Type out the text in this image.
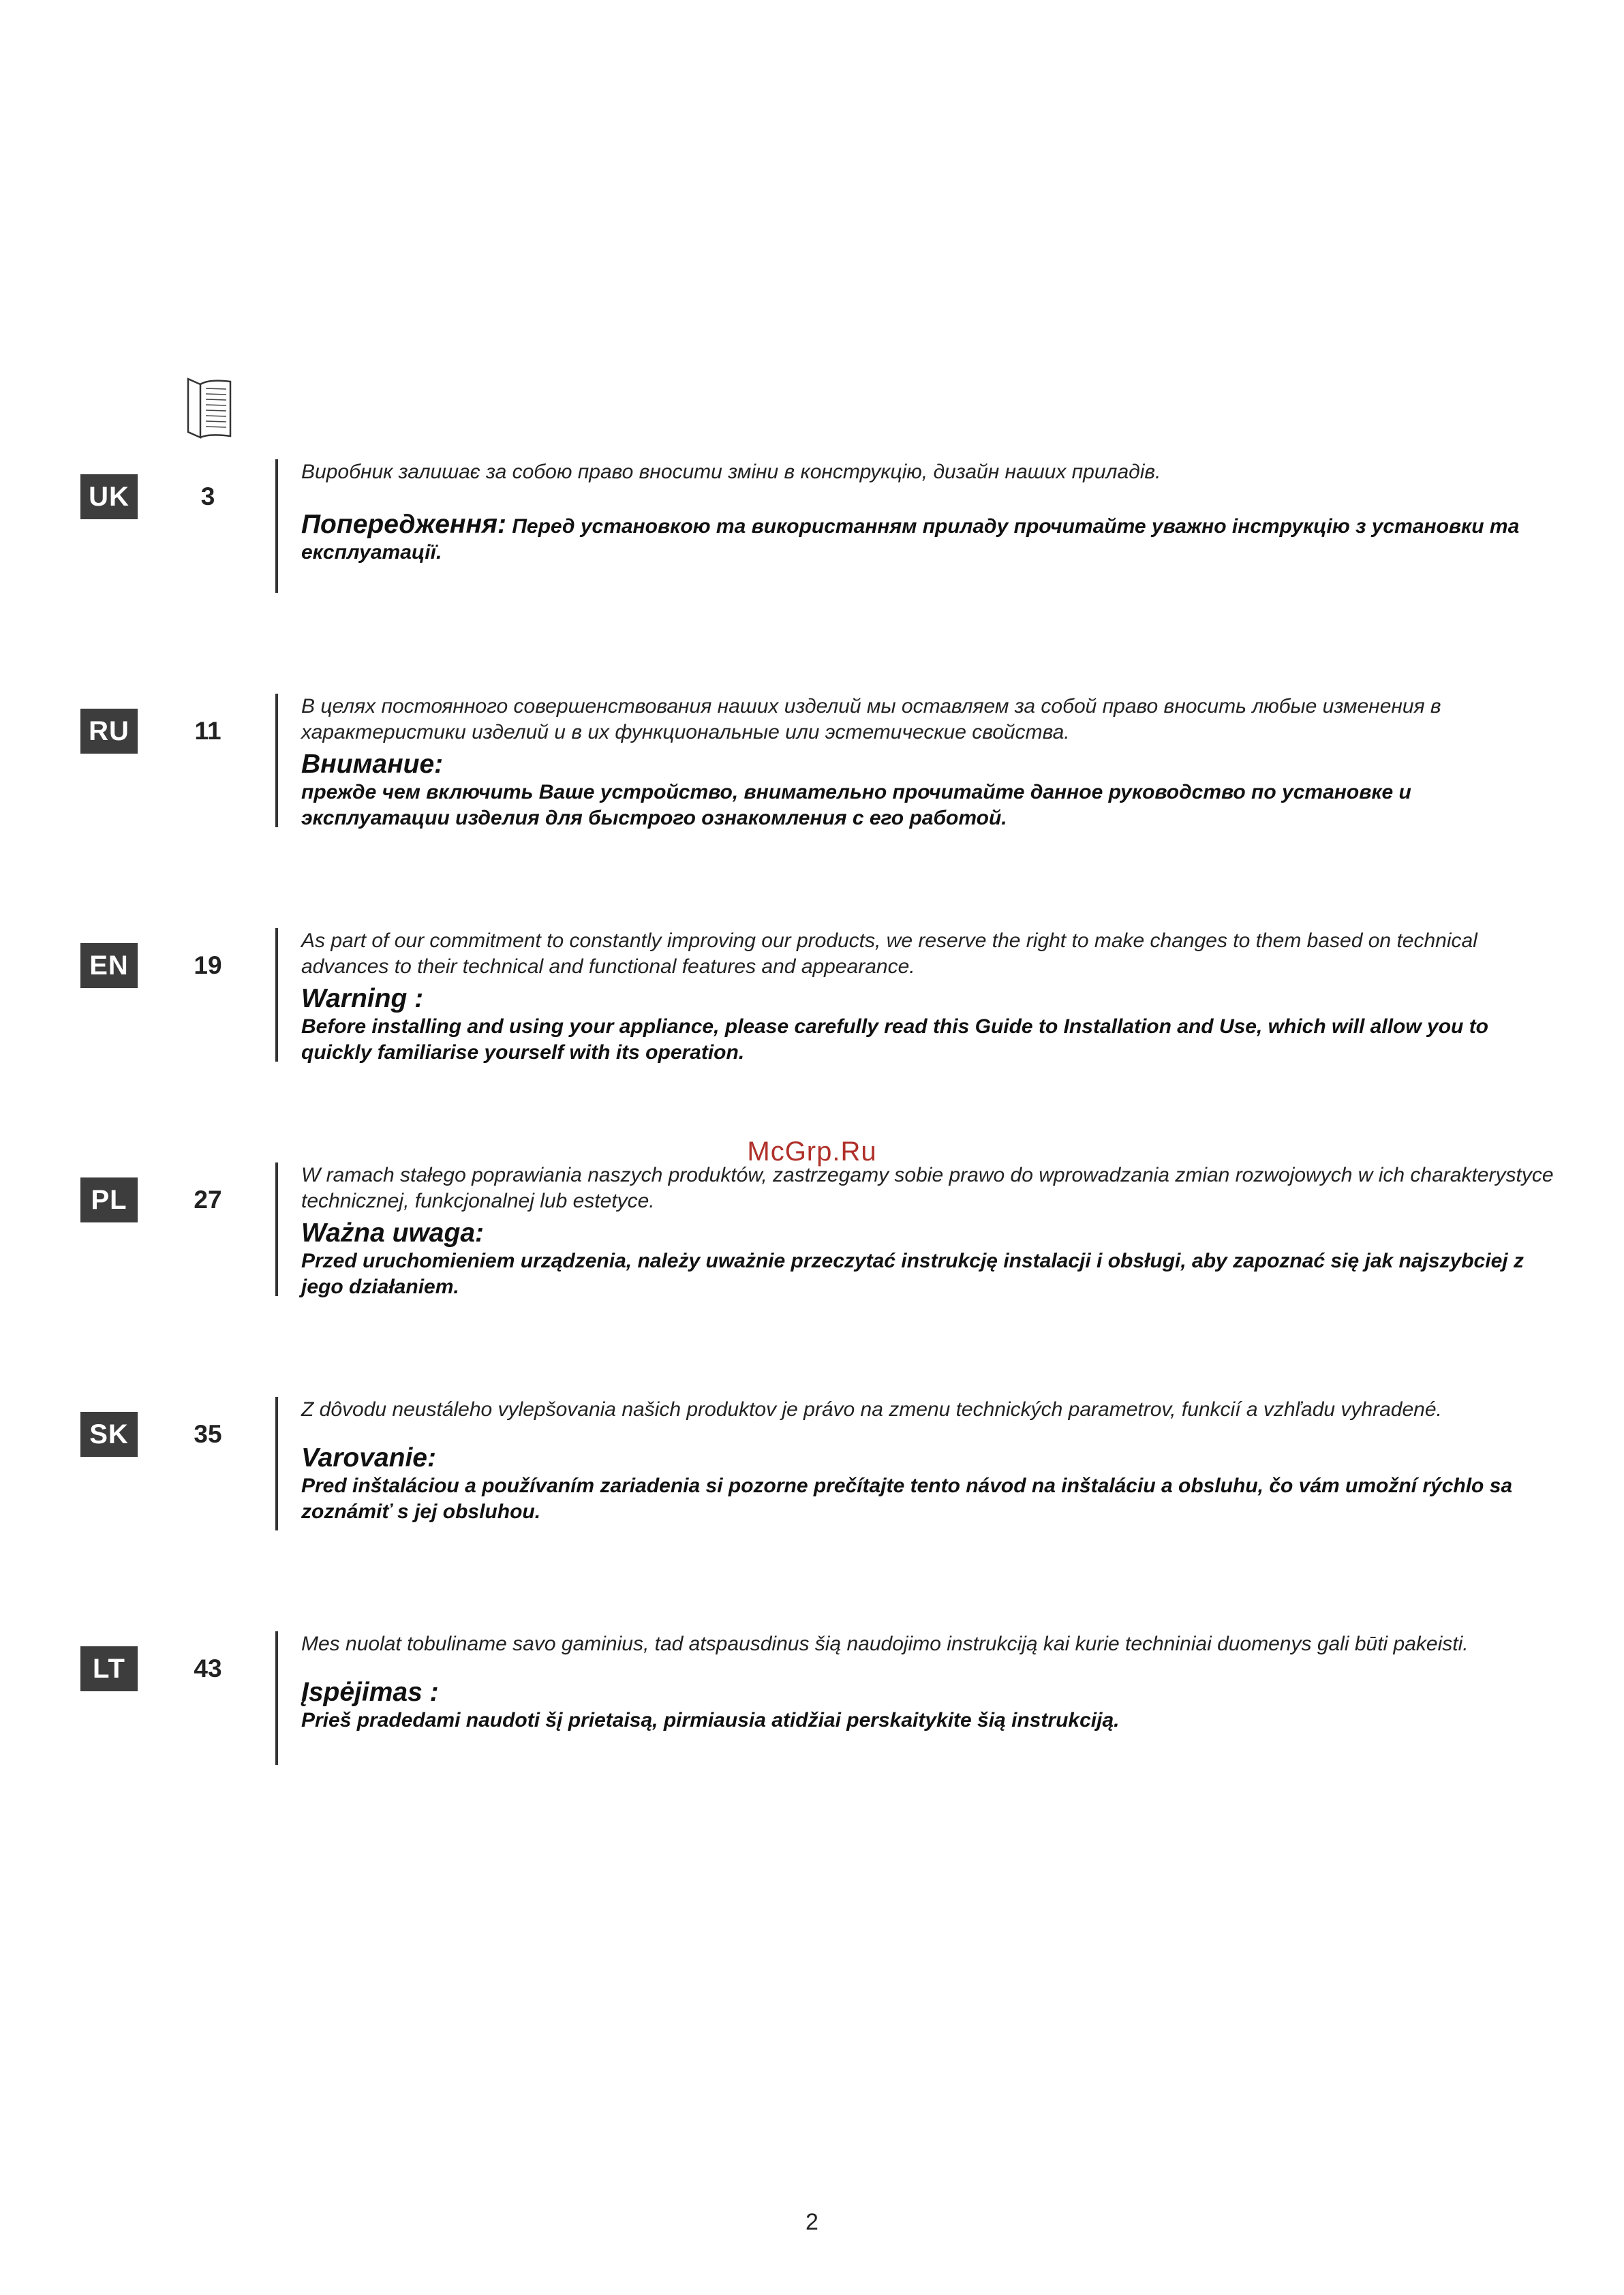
UK	3

Виробник залишає за собою право вносити зміни в конструкцію, дизайн наших приладів.

Попередження: Перед установкою та використанням приладу прочитайте уважно інструкцію з установки та експлуатації.

RU	11

В целях постоянного совершенствования наших изделий мы оставляем за собой право вносить любые изменения в характеристики изделий и в их функциональные или эстетические свойства.

Внимание:

прежде чем включить Ваше устройство, внимательно прочитайте данное руководство по установке и эксплуатации изделия для быстрого ознакомления с его работой.

EN	19

As part of our commitment to constantly improving our products, we reserve the right to make changes to them based on technical advances to their technical and functional features and appearance.

Warning :

Before installing and using your appliance, please carefully read this Guide to Installation and Use, which will allow you to quickly familiarise yourself with its operation.

McGrp.Ru
PL	27

W ramach stałego poprawiania naszych produktów, zastrzegamy sobie prawo do wprowadzania zmian rozwojowych w ich charakterystyce technicznej, funkcjonalnej lub estetyce.

Ważna uwaga:

Przed uruchomieniem urządzenia, należy uważnie przeczytać instrukcję instalacji i obsługi, aby zapoznać się jak najszybciej z jego działaniem.

SK	35

Z dôvodu neustáleho vylepšovania našich produktov je právo na zmenu technických parametrov, funkcií a vzhľadu vyhradené.

Varovanie:

Pred inštaláciou a používaním zariadenia si pozorne prečítajte tento návod na inštaláciu a obsluhu, čo vám umožní rýchlo sa zoznámiť s jej obsluhou.

LT	43

Mes nuolat tobuliname savo gaminius, tad atspausdinus šią naudojimo instrukciją kai kurie techniniai duomenys gali būti pakeisti.

Įspėjimas :

Prieš pradedami naudoti šį prietaisą, pirmiausia atidžiai perskaitykite šią instrukciją.

2
